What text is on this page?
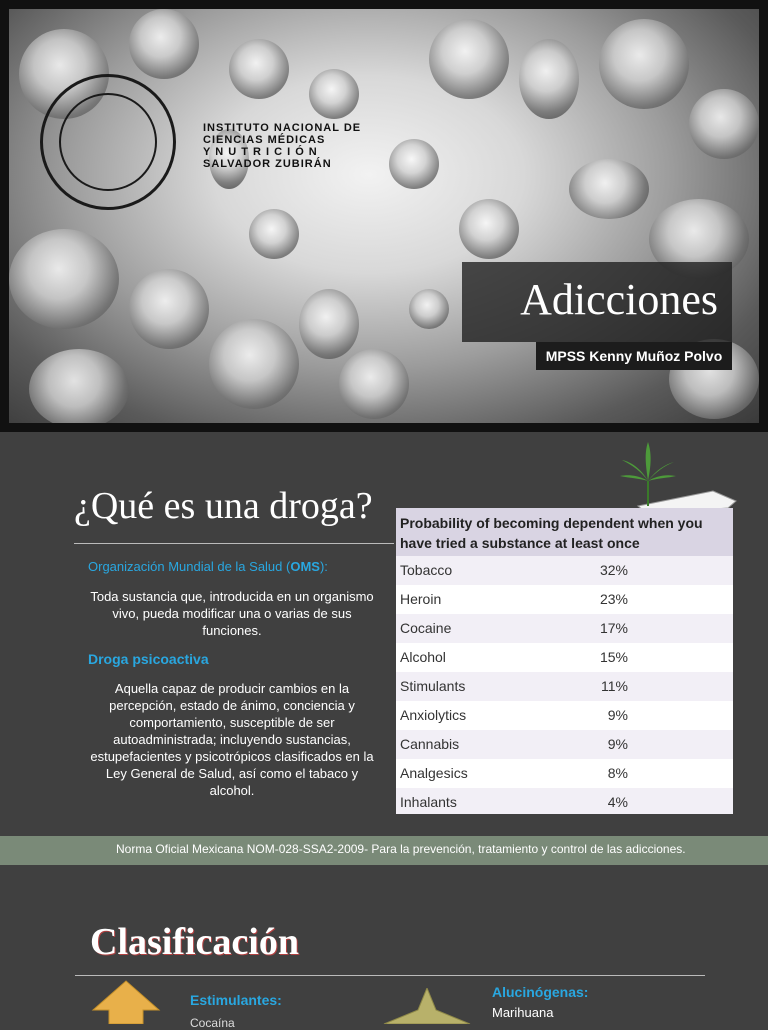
INSTITUTO NACIONAL DE
CIENCIAS MÉDICAS
Y N U T R I C I Ó N
SALVADOR ZUBIRÁN
Adicciones
MPSS Kenny Muñoz Polvo
¿Qué es una droga?
Organización Mundial de la Salud (OMS):
Toda sustancia que, introducida en un organismo vivo, pueda modificar una o varias de sus funciones.
Droga psicoactiva
Aquella capaz de producir cambios en la percepción, estado de ánimo, conciencia y comportamiento, susceptible de ser autoadministrada; incluyendo sustancias, estupefacientes y psicotrópicos clasificados en la Ley General de Salud, así como el tabaco y alcohol.
Probability of becoming dependent when you
have tried a substance at least once
Tobacco	32%
Heroin	23%
Cocaine	17%
Alcohol	15%
Stimulants	11%
Anxiolytics	9%
Cannabis	9%
Analgesics	8%
Inhalants	4%
Norma Oficial Mexicana NOM-028-SSA2-2009- Para la prevención, tratamiento y control de las adicciones.
Clasificación
Estimulantes:
Cocaína
Alucinógenas:
Marihuana
